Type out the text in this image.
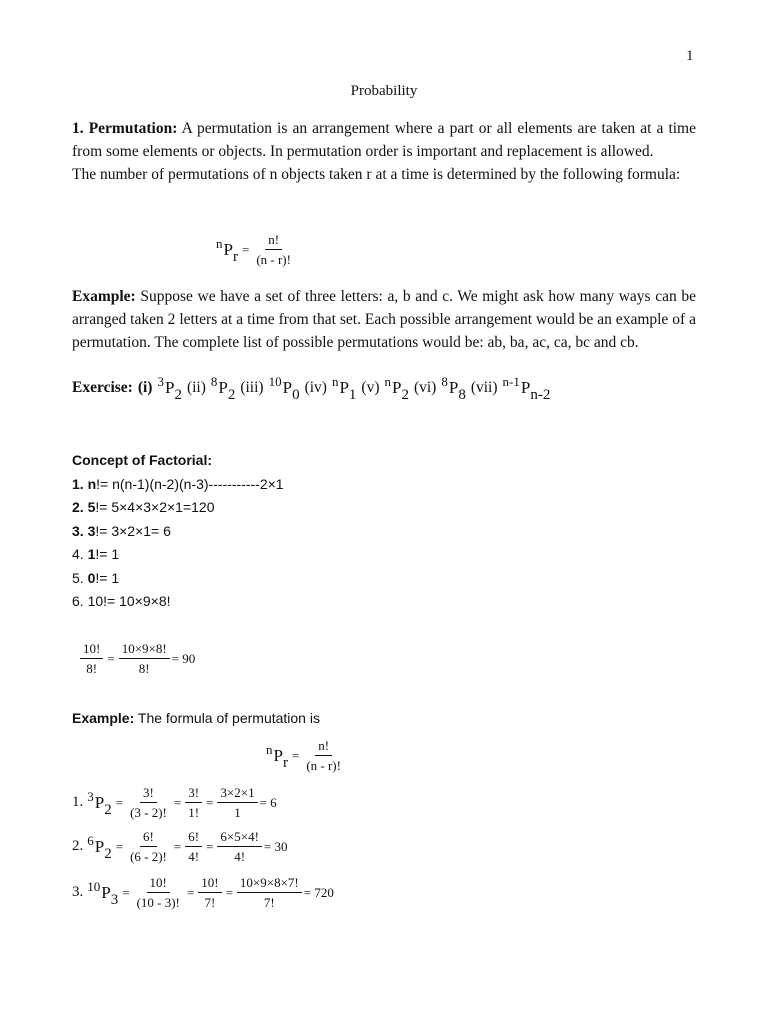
1
Probability
1. Permutation: A permutation is an arrangement where a part or all elements are taken at a time from some elements or objects. In permutation order is important and replacement is allowed.
The number of permutations of n objects taken r at a time is determined by the following formula:
$^n$ $P_r = \frac{n!}{(n - r)!}$
Example: Suppose we have a set of three letters: a, b and c. We might ask how many ways can be arranged taken 2 letters at a time from that set. Each possible arrangement would be an example of a permutation. The complete list of possible permutations would be: ab, ba, ac, ca, bc and cb.
Exercise: (i) $^3$ $P_2$ (ii) $^8$ $P_2$ (iii) $^{10}$ $P_0$ (iv) $^n$ $P_1$ (v) $^n$ $P_2$ (vi) $^8$ $P_8$ (vii) $^{n-1}$ $P_{n-2}$
Concept of Factorial:
1. n!= n(n-1)(n-2)(n-3)-----------2×1
2. 5!= 5×4×3×2×1=120
3. 3!= 3×2×1= 6
4. 1!= 1
5. 0!= 1
6. 10!= 10×9×8!
$\frac{10!}{8!} = \frac{10\times 9\times 8!}{8!} = 90$
Example: The formula of permutation is
$^n$ $P_r = \frac{n!}{(n - r)!}$
1. $^3$ $P_2 = \frac{3!}{(3 - 2)!} = \frac{3!}{1!} = \frac{3\times 2\times 1}{1} = 6$
2. $^6$ $P_2 = \frac{6!}{(6 - 2)!} = \frac{6!}{4!} = \frac{6\times 5\times 4!}{4!} = 30$
3. $^{10}$ $P_3 = \frac{10!}{(10 - 3)!} = \frac{10!}{7!} = \frac{10\times 9\times 8\times 7!}{7!} = 720$
